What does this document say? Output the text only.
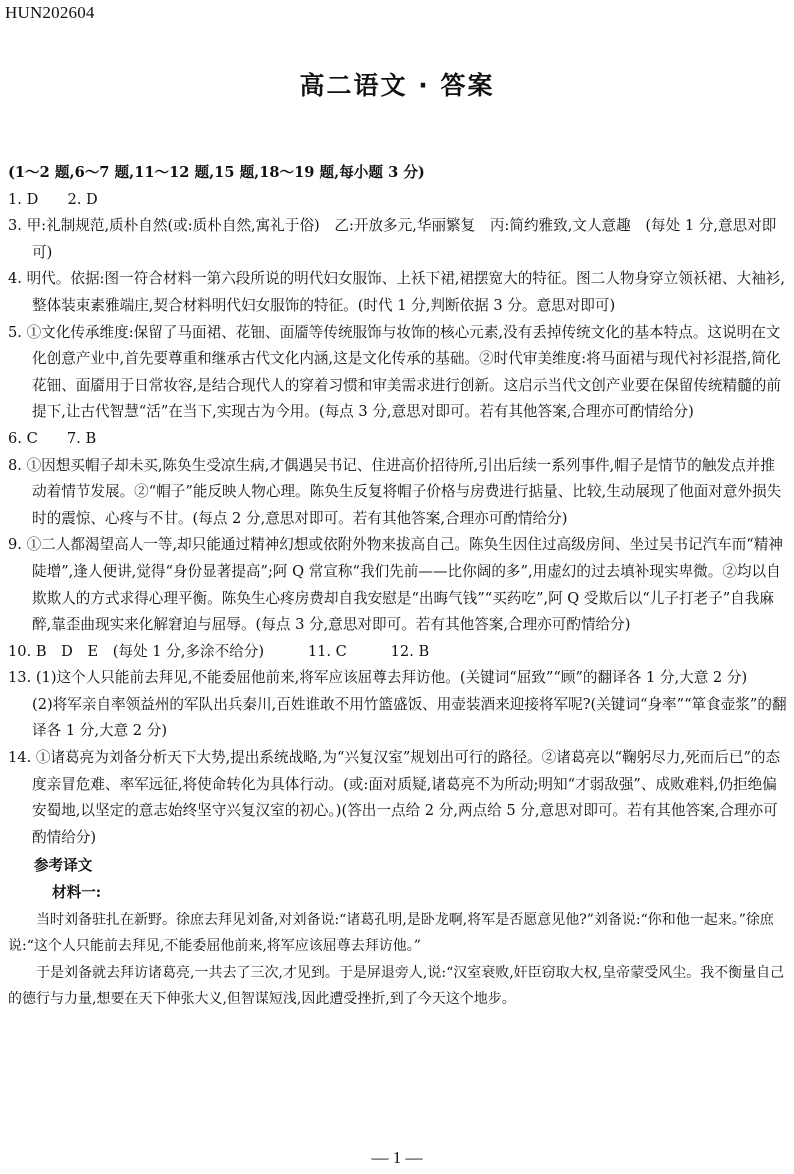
HUN202604
高二语文 · 答案

(1～2 题,6～7 题,11～12 题,15 题,18～19 题,每小题 3 分)

1. D　　2. D

3. 甲:礼制规范,质朴自然(或:质朴自然,寓礼于俗)　乙:开放多元,华丽繁复　丙:简约雅致,文人意趣　(每处 1 分,意思对即可)

4. 明代。依据:图一符合材料一第六段所说的明代妇女服饰、上袄下裙,裙摆宽大的特征。图二人物身穿立领袄裙、大袖衫,整体装束素雅端庄,契合材料明代妇女服饰的特征。(时代 1 分,判断依据 3 分。意思对即可)

5. ①文化传承维度:保留了马面裙、花钿、面靥等传统服饰与妆饰的核心元素,没有丢掉传统文化的基本特点。这说明在文化创意产业中,首先要尊重和继承古代文化内涵,这是文化传承的基础。②时代审美维度:将马面裙与现代衬衫混搭,简化花钿、面靥用于日常妆容,是结合现代人的穿着习惯和审美需求进行创新。这启示当代文创产业要在保留传统精髓的前提下,让古代智慧“活”在当下,实现古为今用。(每点 3 分,意思对即可。若有其他答案,合理亦可酌情给分)

6. C　　7. B

8. ①因想买帽子却未买,陈奂生受凉生病,才偶遇吴书记、住进高价招待所,引出后续一系列事件,帽子是情节的触发点并推动着情节发展。②“帽子”能反映人物心理。陈奂生反复将帽子价格与房费进行掂量、比较,生动展现了他面对意外损失时的震惊、心疼与不甘。(每点 2 分,意思对即可。若有其他答案,合理亦可酌情给分)

9. ①二人都渴望高人一等,却只能通过精神幻想或依附外物来拔高自己。陈奂生因住过高级房间、坐过吴书记汽车而“精神陡增”,逢人便讲,觉得“身份显著提高”;阿 Q 常宣称“我们先前——比你阔的多”,用虚幻的过去填补现实卑微。②均以自欺欺人的方式求得心理平衡。陈奂生心疼房费却自我安慰是“出晦气钱”“买药吃”,阿 Q 受欺后以“儿子打老子”自我麻醉,靠歪曲现实来化解窘迫与屈辱。(每点 3 分,意思对即可。若有其他答案,合理亦可酌情给分)

10. B　D　E　(每处 1 分,多涂不给分)　　　11. C　　　12. B

13. (1)这个人只能前去拜见,不能委屈他前来,将军应该屈尊去拜访他。(关键词“屈致”“顾”的翻译各 1 分,大意 2 分)

(2)将军亲自率领益州的军队出兵秦川,百姓谁敢不用竹篮盛饭、用壶装酒来迎接将军呢?(关键词“身率”“箪食壶浆”的翻译各 1 分,大意 2 分)

14. ①诸葛亮为刘备分析天下大势,提出系统战略,为“兴复汉室”规划出可行的路径。②诸葛亮以“鞠躬尽力,死而后已”的态度亲冒危难、率军远征,将使命转化为具体行动。(或:面对质疑,诸葛亮不为所动;明知“才弱敌强”、成败难料,仍拒绝偏安蜀地,以坚定的意志始终坚守兴复汉室的初心。)(答出一点给 2 分,两点给 5 分,意思对即可。若有其他答案,合理亦可酌情给分)

参考译文

材料一:

当时刘备驻扎在新野。徐庶去拜见刘备,对刘备说:“诸葛孔明,是卧龙啊,将军是否愿意见他?”刘备说:“你和他一起来。”徐庶说:“这个人只能前去拜见,不能委屈他前来,将军应该屈尊去拜访他。”

于是刘备就去拜访诸葛亮,一共去了三次,才见到。于是屏退旁人,说:“汉室衰败,奸臣窃取大权,皇帝蒙受风尘。我不衡量自己的德行与力量,想要在天下伸张大义,但智谋短浅,因此遭受挫折,到了今天这个地步。

— 1 —
